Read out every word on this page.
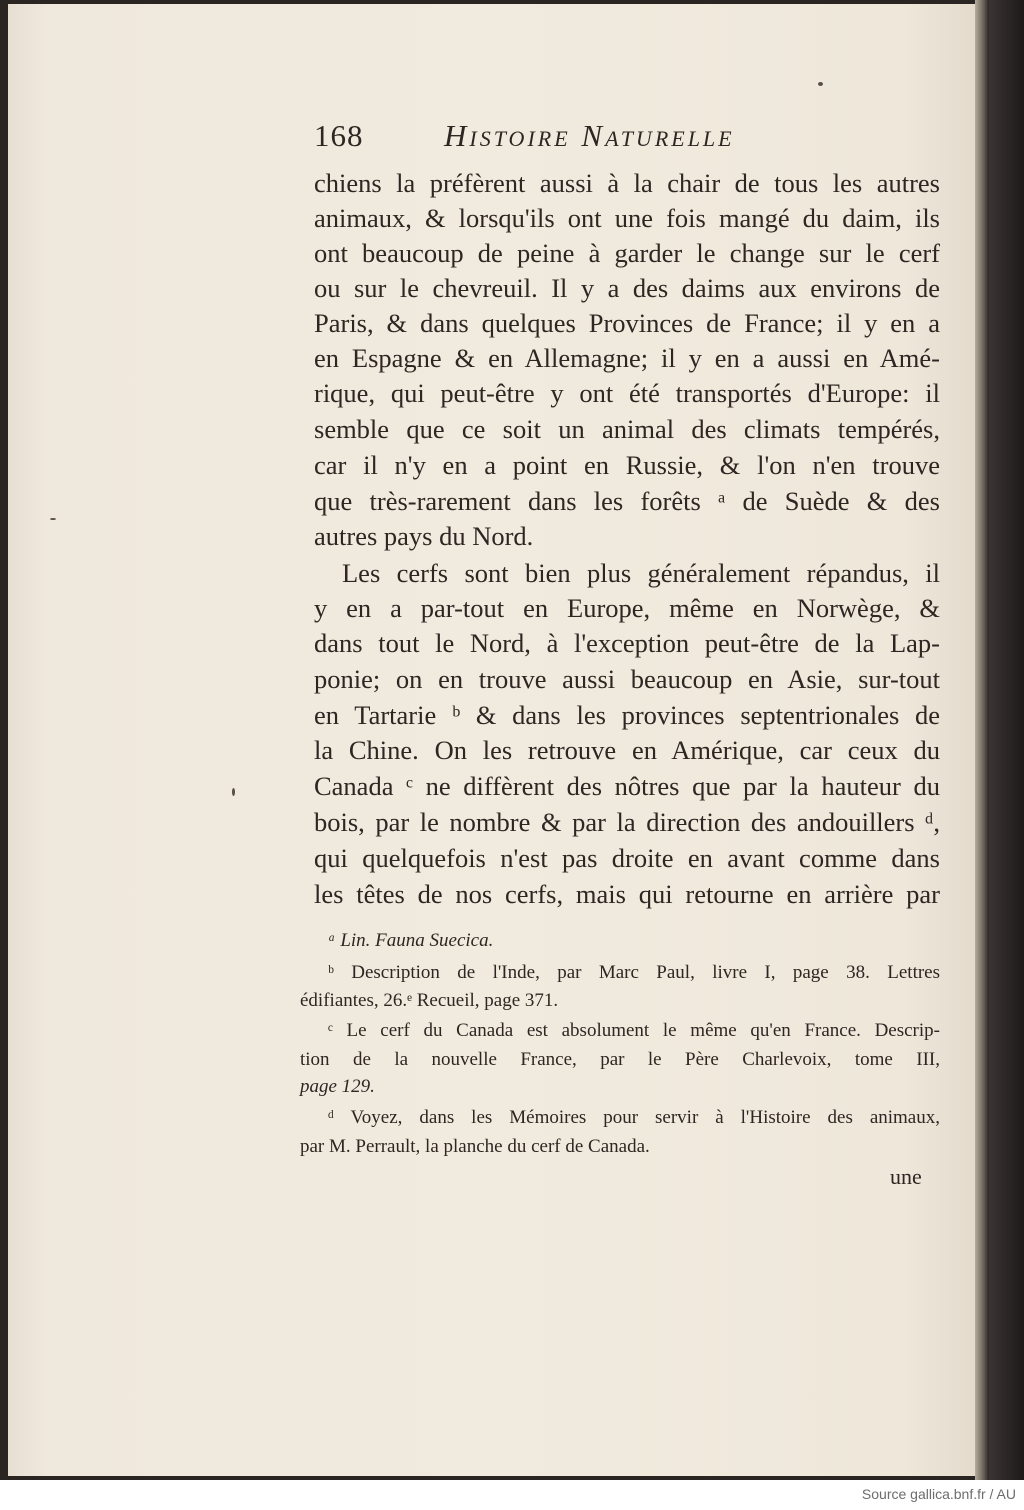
168	Histoire Naturelle
chiens la préfèrent aussi à la chair de tous les autres
animaux, & lorsqu'ils ont une fois mangé du daim, ils
ont beaucoup de peine à garder le change sur le cerf
ou sur le chevreuil. Il y a des daims aux environs de
Paris, & dans quelques Provinces de France; il y en a
en Espagne & en Allemagne; il y en a aussi en Amé-
rique, qui peut-être y ont été transportés d'Europe: il
semble que ce soit un animal des climats tempérés,
car il n'y en a point en Russie, & l'on n'en trouve
que très-rarement dans les forêts ᵃ de Suède & des
autres pays du Nord.
Les cerfs sont bien plus généralement répandus, il
y en a par-tout en Europe, même en Norwège, &
dans tout le Nord, à l'exception peut-être de la Lap-
ponie; on en trouve aussi beaucoup en Asie, sur-tout
en Tartarie ᵇ & dans les provinces septentrionales de
la Chine. On les retrouve en Amérique, car ceux du
Canada ᶜ ne diffèrent des nôtres que par la hauteur du
bois, par le nombre & par la direction des andouillers ᵈ,
qui quelquefois n'est pas droite en avant comme dans
les têtes de nos cerfs, mais qui retourne en arrière par
ᵃ Lin. Fauna Suecica.
ᵇ Description de l'Inde, par Marc Paul, livre I, page 38. Lettres
édifiantes, 26.ᵉ Recueil, page 371.
ᶜ Le cerf du Canada est absolument le même qu'en France. Descrip-
tion de la nouvelle France, par le Père Charlevoix, tome III,
page 129.
ᵈ Voyez, dans les Mémoires pour servir à l'Histoire des animaux,
par M. Perrault, la planche du cerf de Canada.
une
Source gallica.bnf.fr / AU
